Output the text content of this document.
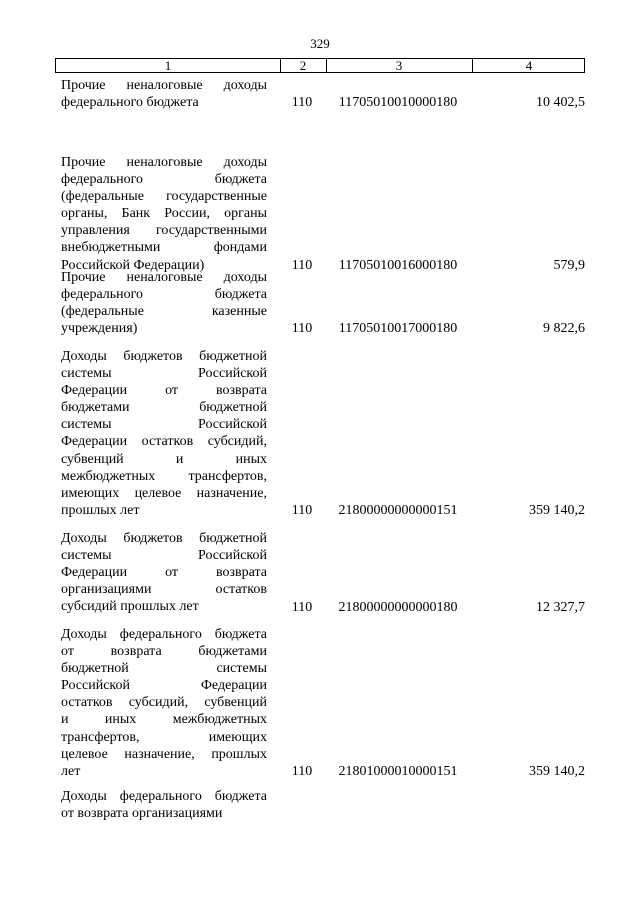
329
1	2	3	4
Прочие неналоговые доходы
федерального бюджета	110	11705010010000180	10 402,5
Прочие неналоговые доходы
федерального	бюджета
(федеральные государственные
органы, Банк России, органы
управления государственными
внебюджетными	фондами
Российской Федерации)	110	11705010016000180	579,9
Прочие неналоговые доходы
федерального	бюджета
(федеральные	казенные
учреждения)	110	11705010017000180	9 822,6
Доходы бюджетов бюджетной
системы	Российской
Федерации	от	возврата
бюджетами	бюджетной
системы	Российской
Федерации остатков субсидий,
субвенций	и	иных
межбюджетных трансфертов,
имеющих целевое назначение,
прошлых лет	110	21800000000000151	359 140,2
Доходы бюджетов бюджетной
системы	Российской
Федерации	от	возврата
организациями	остатков
субсидий прошлых лет	110	21800000000000180	12 327,7
Доходы федерального бюджета
от	возврата	бюджетами
бюджетной	системы
Российской	Федерации
остатков субсидий, субвенций
и	иных	межбюджетных
трансфертов,	имеющих
целевое назначение, прошлых
лет	110	21801000010000151	359 140,2
Доходы федерального бюджета
от возврата организациями
